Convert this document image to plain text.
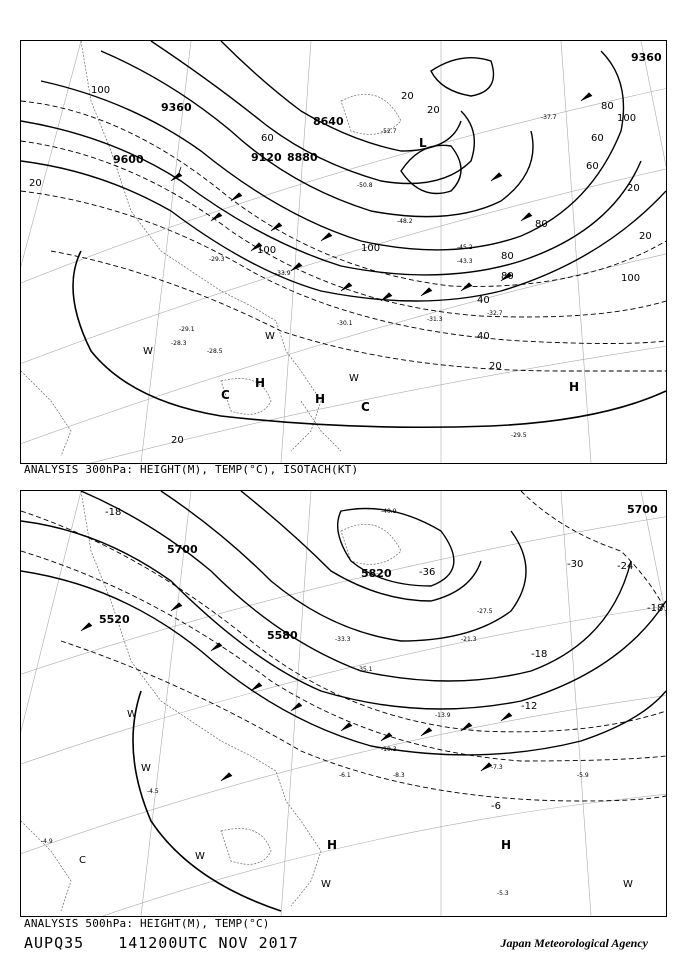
9360
8640
9600	9120 8880
9360
100
20
20
100
80
20
60
80
100
60
20
100
80
100
80
60
40
20
40
20
20
H
H
H
C
C
L
W
W
W
-29.5
-29.1
-28.3
-28.5
-30.1
-31.3
-32.7
-45.2
-48.2
-43.3
-50.8
-52.7
-37.7
-29.3
-33.9
ANALYSIS 300hPa: HEIGHT(M), TEMP(°C), ISOTACH(KT)
5700
5700
5520
5580
5820
-18
-36
-30	-24
-18
-18
-12
-6
H	H
C
W
W
W
W	W
-7.3
-5.9
-8.3
-10.3
-6.1
-4.5
-5.3
-4.9
-13.9
-21.3
-27.5
-33.3
-35.1
-40.9
ANALYSIS 500hPa: HEIGHT(M), TEMP(°C)
AUPQ35 141200UTC NOV 2017	Japan Meteorological Agency
